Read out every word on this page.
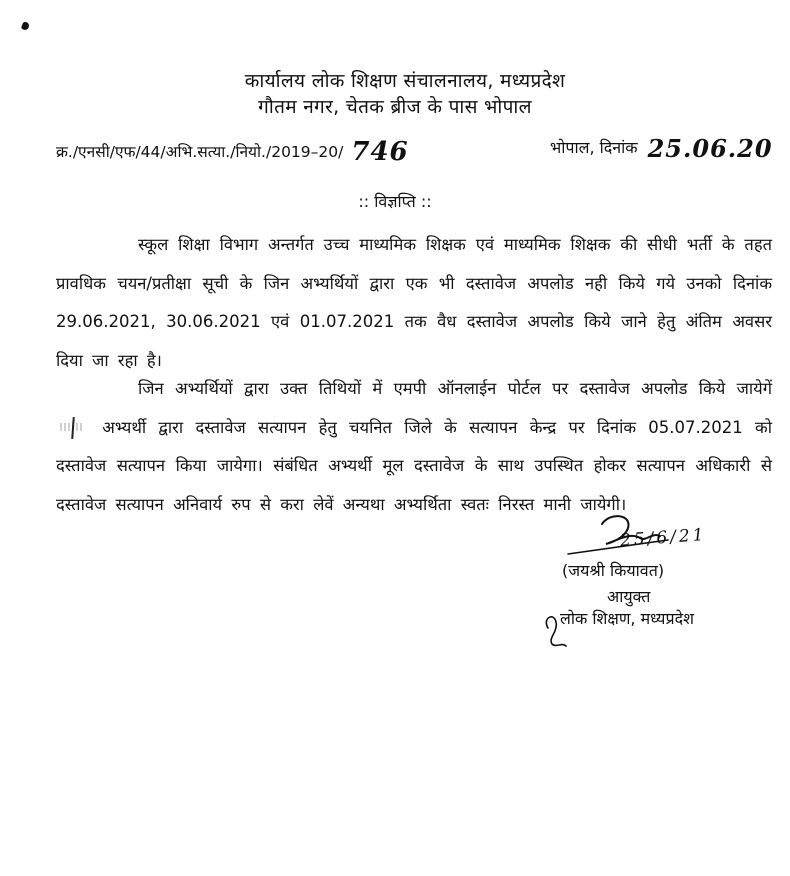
कार्यालय लोक शिक्षण संचालनालय, मध्यप्रदेश
गौतम नगर, चेतक ब्रीज के पास भोपाल
क्र./एनसी/एफ/44/अभि.सत्या./नियो./2019–20/ 746	भोपाल, दिनांक 25.06.20
:: विज्ञप्ति ::

स्कूल शिक्षा विभाग अन्तर्गत उच्च माध्यमिक शिक्षक एवं माध्यमिक शिक्षक की सीधी भर्ती के तहत प्रावधिक चयन/प्रतीक्षा सूची के जिन अभ्यर्थियों द्वारा एक भी दस्तावेज अपलोड नही किये गये उनको दिनांक 29.06.2021, 30.06.2021 एवं 01.07.2021 तक वैध दस्तावेज अपलोड किये जाने हेतु अंतिम अवसर दिया जा रहा है।

जिन अभ्यर्थियों द्वारा उक्त तिथियों में एमपी ऑनलाईन पोर्टल पर दस्तावेज अपलोड किये जायेगें  अभ्यर्थी द्वारा दस्तावेज सत्यापन हेतु चयनित जिले के सत्यापन केन्द्र पर दिनांक 05.07.2021 को दस्तावेज सत्यापन किया जायेगा। संबंधित अभ्यर्थी मूल दस्तावेज के साथ उपस्थित होकर सत्यापन अधिकारी से दस्तावेज सत्यापन अनिवार्य रुप से करा लेवें अन्यथा अभ्यर्थिता स्वतः निरस्त मानी जायेगी।

25/6/21
(जयश्री कियावत)
आयुक्त
लोक शिक्षण, मध्यप्रदेश
